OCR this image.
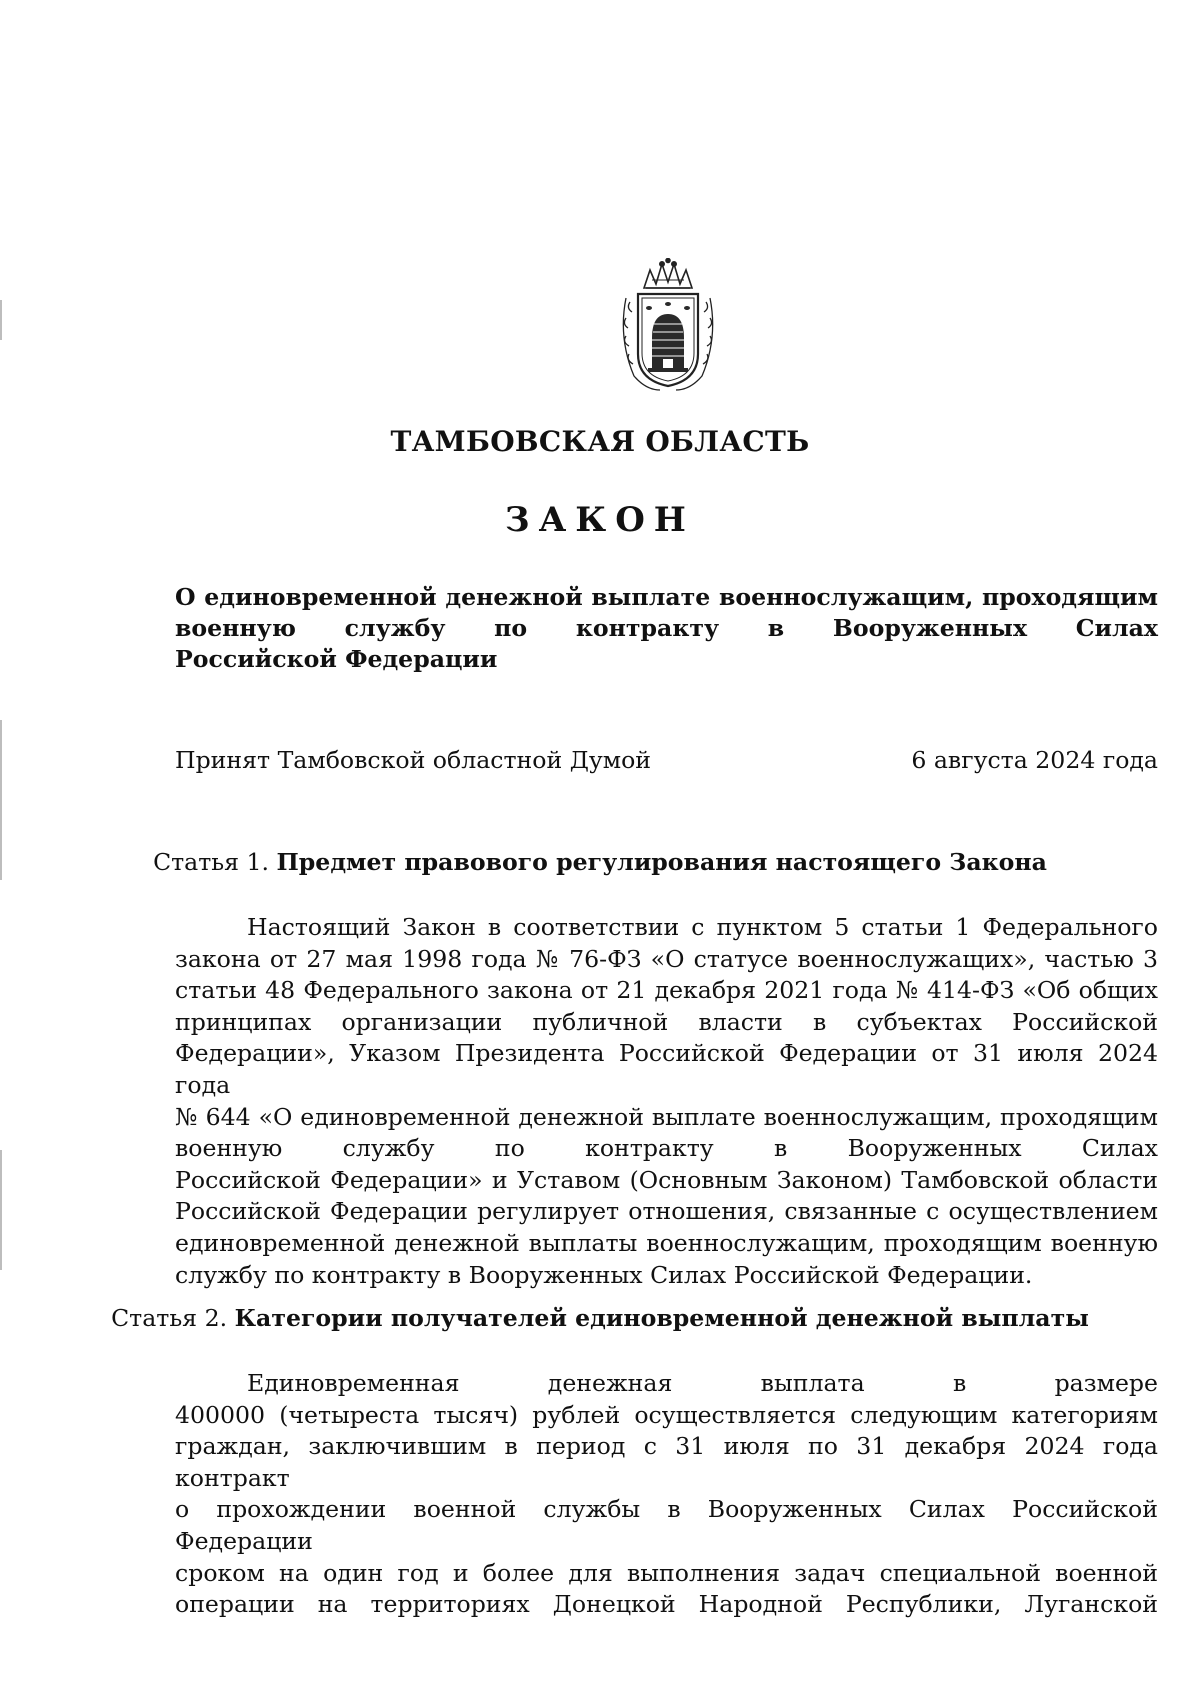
ТАМБОВСКАЯ ОБЛАСТЬ
ЗАКОН
О единовременной денежной выплате военнослужащим, проходящим
военную службу по контракту в Вооруженных Силах
Российской Федерации
Принят Тамбовской областной Думой	6 августа 2024 года
Статья 1. Предмет правового регулирования настоящего Закона
Настоящий Закон в соответствии с пунктом 5 статьи 1 Федерального
закона от 27 мая 1998 года № 76-ФЗ «О статусе военнослужащих», частью 3
статьи 48 Федерального закона от 21 декабря 2021 года № 414-ФЗ «Об общих
принципах организации публичной власти в субъектах Российской
Федерации», Указом Президента Российской Федерации от 31 июля 2024 года
№ 644 «О единовременной денежной выплате военнослужащим, проходящим
военную службу по контракту в Вооруженных Силах
Российской Федерации» и Уставом (Основным Законом) Тамбовской области
Российской Федерации регулирует отношения, связанные с осуществлением
единовременной денежной выплаты военнослужащим, проходящим военную
службу по контракту в Вооруженных Силах Российской Федерации.
Статья 2. Категории получателей единовременной денежной выплаты
Единовременная денежная выплата в размере
400000 (четыреста тысяч) рублей осуществляется следующим категориям
граждан, заключившим в период с 31 июля по 31 декабря 2024 года контракт
о прохождении военной службы в Вооруженных Силах Российской Федерации
сроком на один год и более для выполнения задач специальной военной
операции на территориях Донецкой Народной Республики, Луганской
